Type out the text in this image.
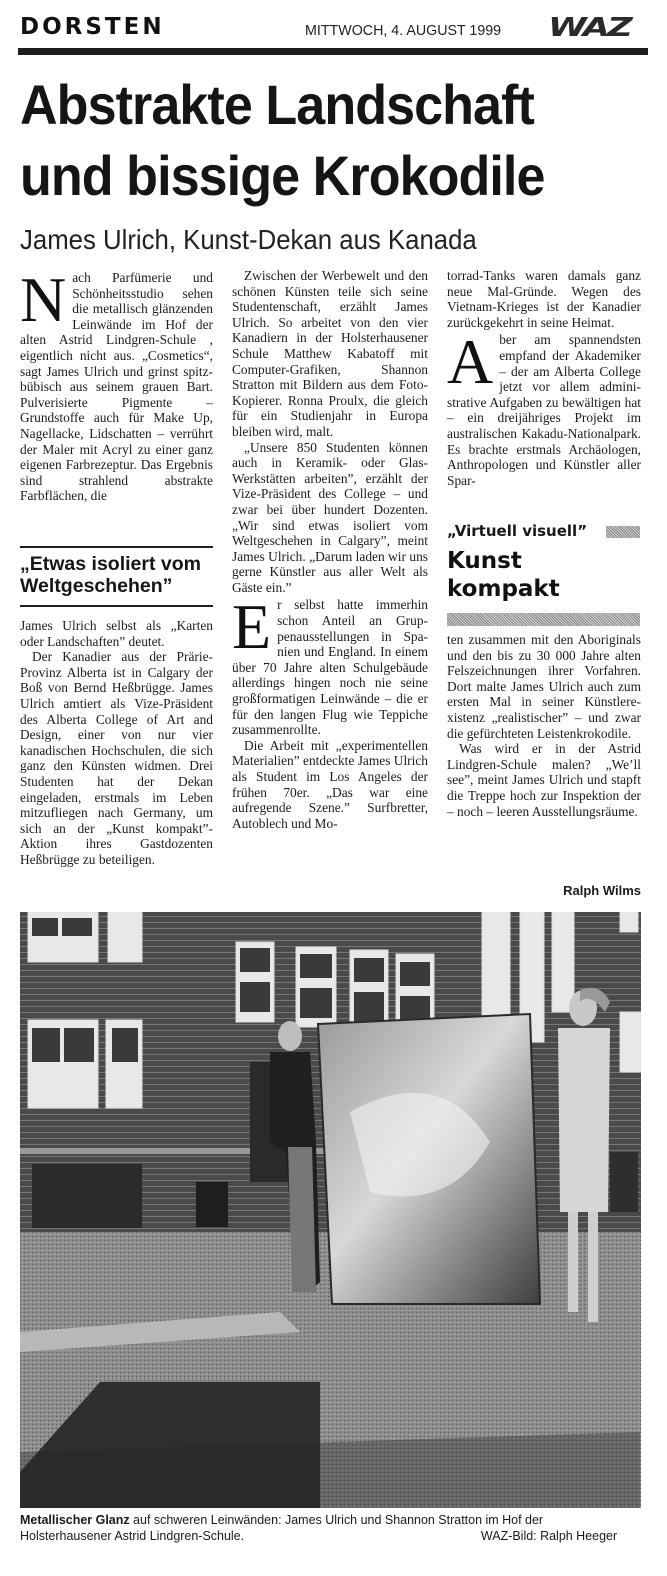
DORSTEN	MITTWOCH, 4. AUGUST 1999 WAZ
Abstrakte Landschaft
und bissige Krokodile
James Ulrich, Kunst-Dekan aus Kanada
N ach Parfümerie und Schönheitsstudio sehen die metallisch glänzenden Leinwände im Hof der alten Astrid Lindgren-Schule , eigentlich nicht aus. „Cosmetics“, sagt James Ulrich und grinst spitzbübisch aus seinem grauen Bart. Pulverisierte Pigmente – Grundstoffe auch für Make Up, Nagellacke, Lidschatten – verrührt der Maler mit Acryl zu einer ganz eigenen Farbrezeptur. Das Ergebnis sind strahlend abstrakte Farbflächen, die

„Etwas isoliert vom Weltgeschehen”

James Ulrich selbst als „Karten oder Landschaften” deutet.

Der Kanadier aus der Prärie-Provinz Alberta ist in Calgary der Boß von Bernd Heßbrügge. James Ulrich amtiert als Vize-Präsident des Alberta College of Art and Design, einer von nur vier kanadischen Hochschulen, die sich ganz den Künsten widmen. Drei Studenten hat der Dekan eingeladen, erstmals im Leben mitzufliegen nach Germany, um sich an der „Kunst kompakt”-Aktion ihres Gastdozenten Heßbrügge zu beteiligen.

Zwischen der Werbewelt und den schönen Künsten teile sich seine Studentenschaft, erzählt James Ulrich. So arbeitet von den vier Kanadiern in der Holsterhausener Schule Matthew Kabatoff mit Computer-Grafiken, Shannon Stratton mit Bildern aus dem Foto-Kopierer. Ronna Proulx, die gleich für ein Studienjahr in Europa bleiben wird, malt.

„Unsere 850 Studenten können auch in Keramik- oder Glas-Werkstätten arbeiten”, erzählt der Vize-Präsident des College – und zwar bei über hundert Dozenten. „Wir sind etwas isoliert vom Weltgeschehen in Calgary”, meint James Ulrich. „Darum laden wir uns gerne Künstler aus aller Welt als Gäste ein.”

E r selbst hatte immerhin schon Anteil an Gruppenausstellungen in Spanien und England. In einem über 70 Jahre alten Schulgebäude allerdings hingen noch nie seine großformatigen Leinwände – die er für den langen Flug wie Teppiche zusammenrollte.

Die Arbeit mit „experimentellen Materialien” entdeckte James Ulrich als Student im Los Angeles der frühen 70er. „Das war eine aufregende Szene.” Surfbretter, Autoblech und Mo-

torrad-Tanks waren damals ganz neue Mal-Gründe. Wegen des Vietnam-Krieges ist der Kanadier zurückgekehrt in seine Heimat.

A ber am spannendsten empfand der Akademiker – der am Alberta College jetzt vor allem administrative Aufgaben zu bewältigen hat – ein dreijähriges Projekt im australischen Kakadu-Nationalpark. Es brachte erstmals Archäologen, Anthropologen und Künstler aller Spar-

„Virtuell visuell”
Kunst kompakt

ten zusammen mit den Aboriginals und den bis zu 30 000 Jahre alten Felszeichnungen ihrer Vorfahren. Dort malte James Ulrich auch zum ersten Mal in seiner Künstlerexistenz „realistischer” – und zwar die gefürchteten Leistenkrokodile.

Was wird er in der Astrid Lindgren-Schule malen? „We’ll see”, meint James Ulrich und stapft die Treppe hoch zur Inspektion der – noch – leeren Ausstellungsräume.

Ralph Wilms
Metallischer Glanz auf schweren Leinwänden: James Ulrich und Shannon Stratton im Hof der Holsterhausener Astrid Lindgren-Schule.	WAZ-Bild: Ralph Heeger
